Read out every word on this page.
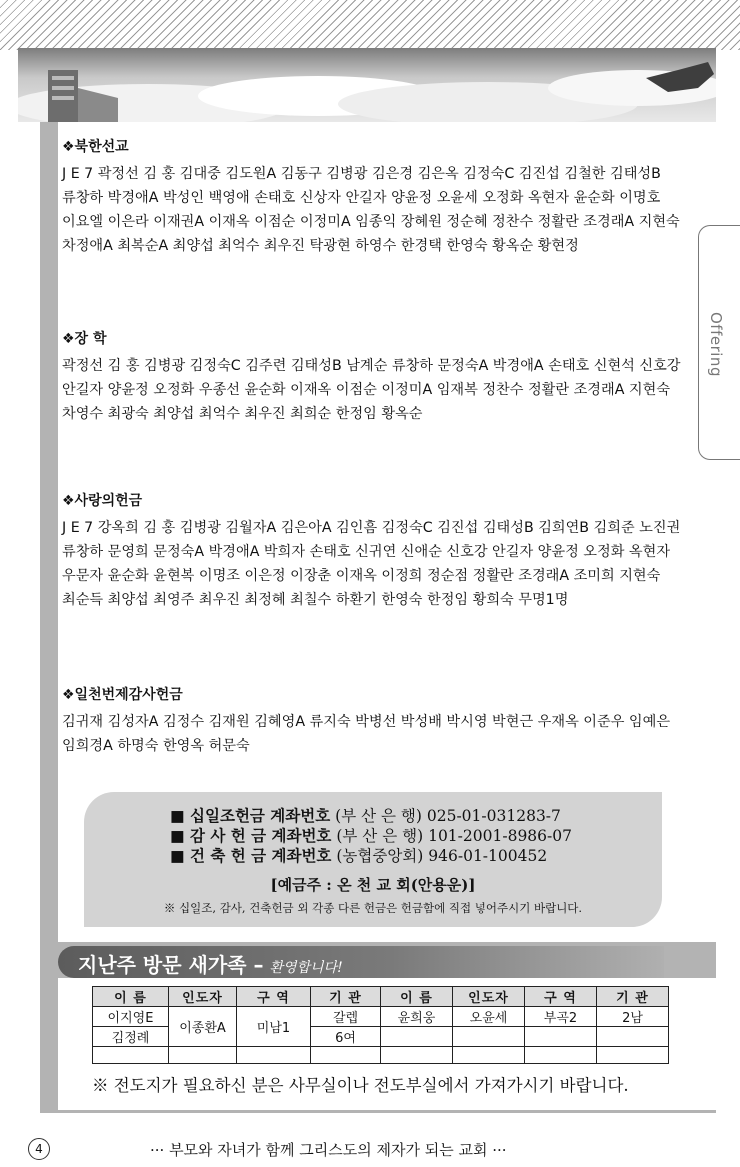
Offering
❖북한선교
J E 7 곽정선 김 홍 김대중 김도원A 김동구 김병광 김은경 김은옥 김정숙C 김진섭 김철한 김태성B
류창하 박경애A 박성인 백영애 손태호 신상자 안길자 양윤정 오윤세 오정화 옥현자 윤순화 이명호
이요엘 이은라 이재권A 이재옥 이점순 이정미A 임종익 장혜원 정순혜 정찬수 정활란 조경래A 지현숙
차정애A 최복순A 최양섭 최억수 최우진 탁광현 하영수 한경택 한영숙 황옥순 황현정
❖장 학
곽정선 김 홍 김병광 김정숙C 김주련 김태성B 남계순 류창하 문정숙A 박경애A 손태호 신현석 신호강
안길자 양윤정 오정화 우종선 윤순화 이재옥 이점순 이정미A 임재복 정찬수 정활란 조경래A 지현숙
차영수 최광숙 최양섭 최억수 최우진 최희순 한정임 황옥순
❖사랑의헌금
J E 7 강옥희 김 홍 김병광 김월자A 김은아A 김인흠 김정숙C 김진섭 김태성B 김희연B 김희준 노진권
류창하 문영희 문정숙A 박경애A 박희자 손태호 신귀연 신애순 신호강 안길자 양윤정 오정화 옥현자
우문자 윤순화 윤현복 이명조 이은정 이장춘 이재옥 이정희 정순점 정활란 조경래A 조미희 지현숙
최순득 최양섭 최영주 최우진 최정혜 최칠수 하환기 한영숙 한정임 황희숙 무명1명
❖일천번제감사헌금
김귀재 김성자A 김정수 김재원 김혜영A 류지숙 박병선 박성배 박시영 박현근 우재옥 이준우 임예은
임희경A 하명숙 한영옥 허문숙
■ 십일조헌금 계좌번호 (부 산 은 행) 025-01-031283-7
■ 감 사 헌 금 계좌번호 (부 산 은 행) 101-2001-8986-07
■ 건 축 헌 금 계좌번호 (농협중앙회) 946-01-100452
[예금주 : 온 천 교 회(안용운)]
※ 십일조, 감사, 건축헌금 외 각종 다른 헌금은 헌금함에 직접 넣어주시기 바랍니다.
지난주 방문 새가족 – 환영합니다!
이 름	인도자	구 역	기 관	이 름	인도자	구 역	기 관
이지영E	이종환A	미남1	갈렙	윤희웅	오윤세	부곡2	2남
김정례			6여				

※ 전도지가 필요하신 분은 사무실이나 전도부실에서 가져가시기 바랍니다.
4	··· 부모와 자녀가 함께 그리스도의 제자가 되는 교회 ···
